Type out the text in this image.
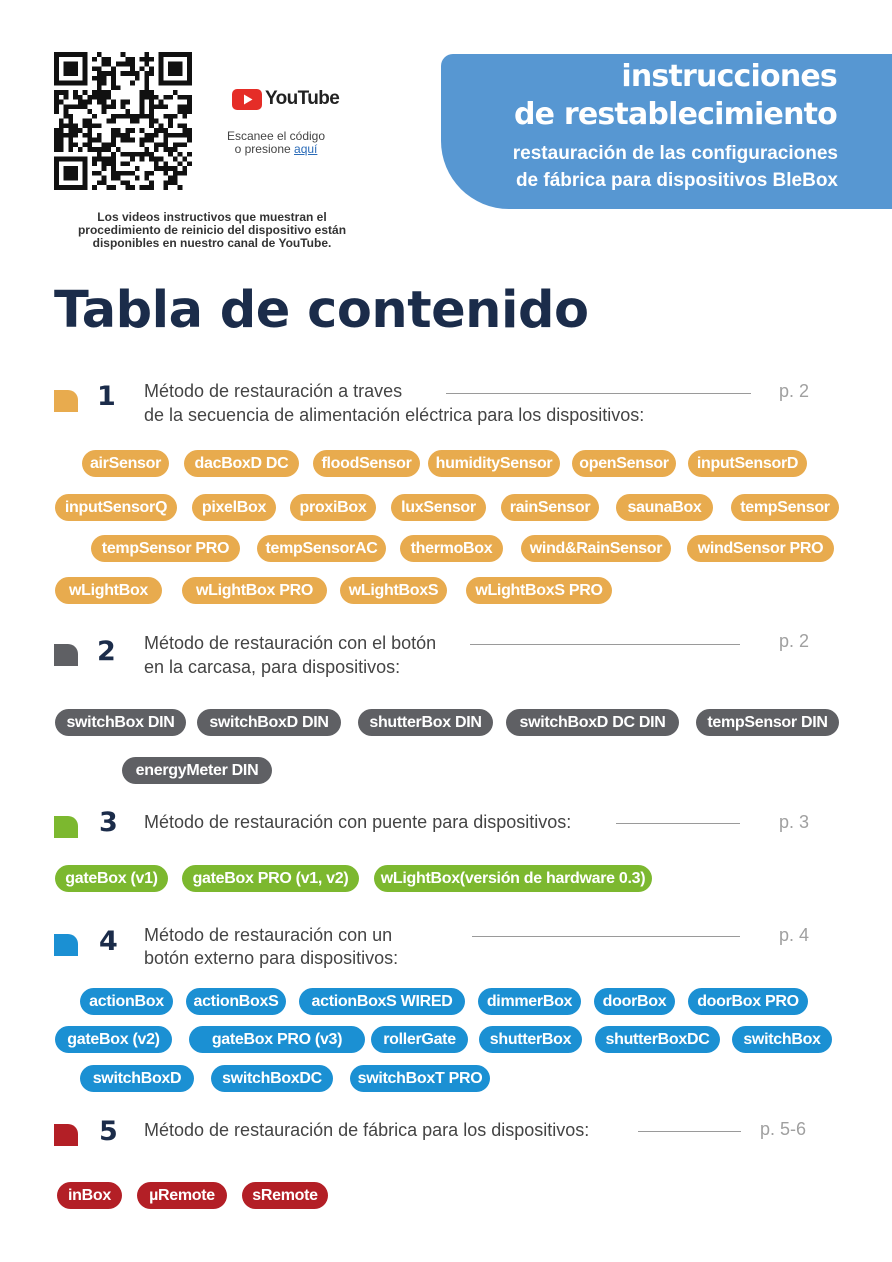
YouTube
Escanee el código
o presione aquí
Los videos instructivos que muestran el procedimiento de reinicio del dispositivo están disponibles en nuestro canal de YouTube.
instrucciones
de restablecimiento
restauración de las configuraciones
de fábrica para dispositivos BleBox
Tabla de contenido
1 Método de restauración a traves
de la secuencia de alimentación eléctrica para los dispositivos:
p. 2
airSensor	dacBoxD DC	floodSensor	humiditySensor	openSensor	inputSensorD
inputSensorQ	pixelBox	proxiBox	luxSensor	rainSensor	saunaBox	tempSensor
tempSensor PRO	tempSensorAC	thermoBox	wind&RainSensor	windSensor PRO
wLightBox	wLightBox PRO	wLightBoxS	wLightBoxS PRO
2 Método de restauración con el botón
en la carcasa, para dispositivos:
p. 2
switchBox DIN	switchBoxD DIN	shutterBox DIN	switchBoxD DC DIN	tempSensor DIN
energyMeter DIN
3 Método de restauración con puente para dispositivos:	p. 3
gateBox (v1)	gateBox PRO (v1, v2)	wLightBox(versión de hardware 0.3)
4 Método de restauración con un
botón externo para dispositivos:
p. 4
actionBox	actionBoxS	actionBoxS WIRED	dimmerBox	doorBox	doorBox PRO
gateBox (v2)	gateBox PRO (v3)	rollerGate	shutterBox	shutterBoxDC	switchBox
switchBoxD	switchBoxDC	switchBoxT PRO
5 Método de restauración de fábrica para los dispositivos:	p. 5-6
inBox	µRemote	sRemote
